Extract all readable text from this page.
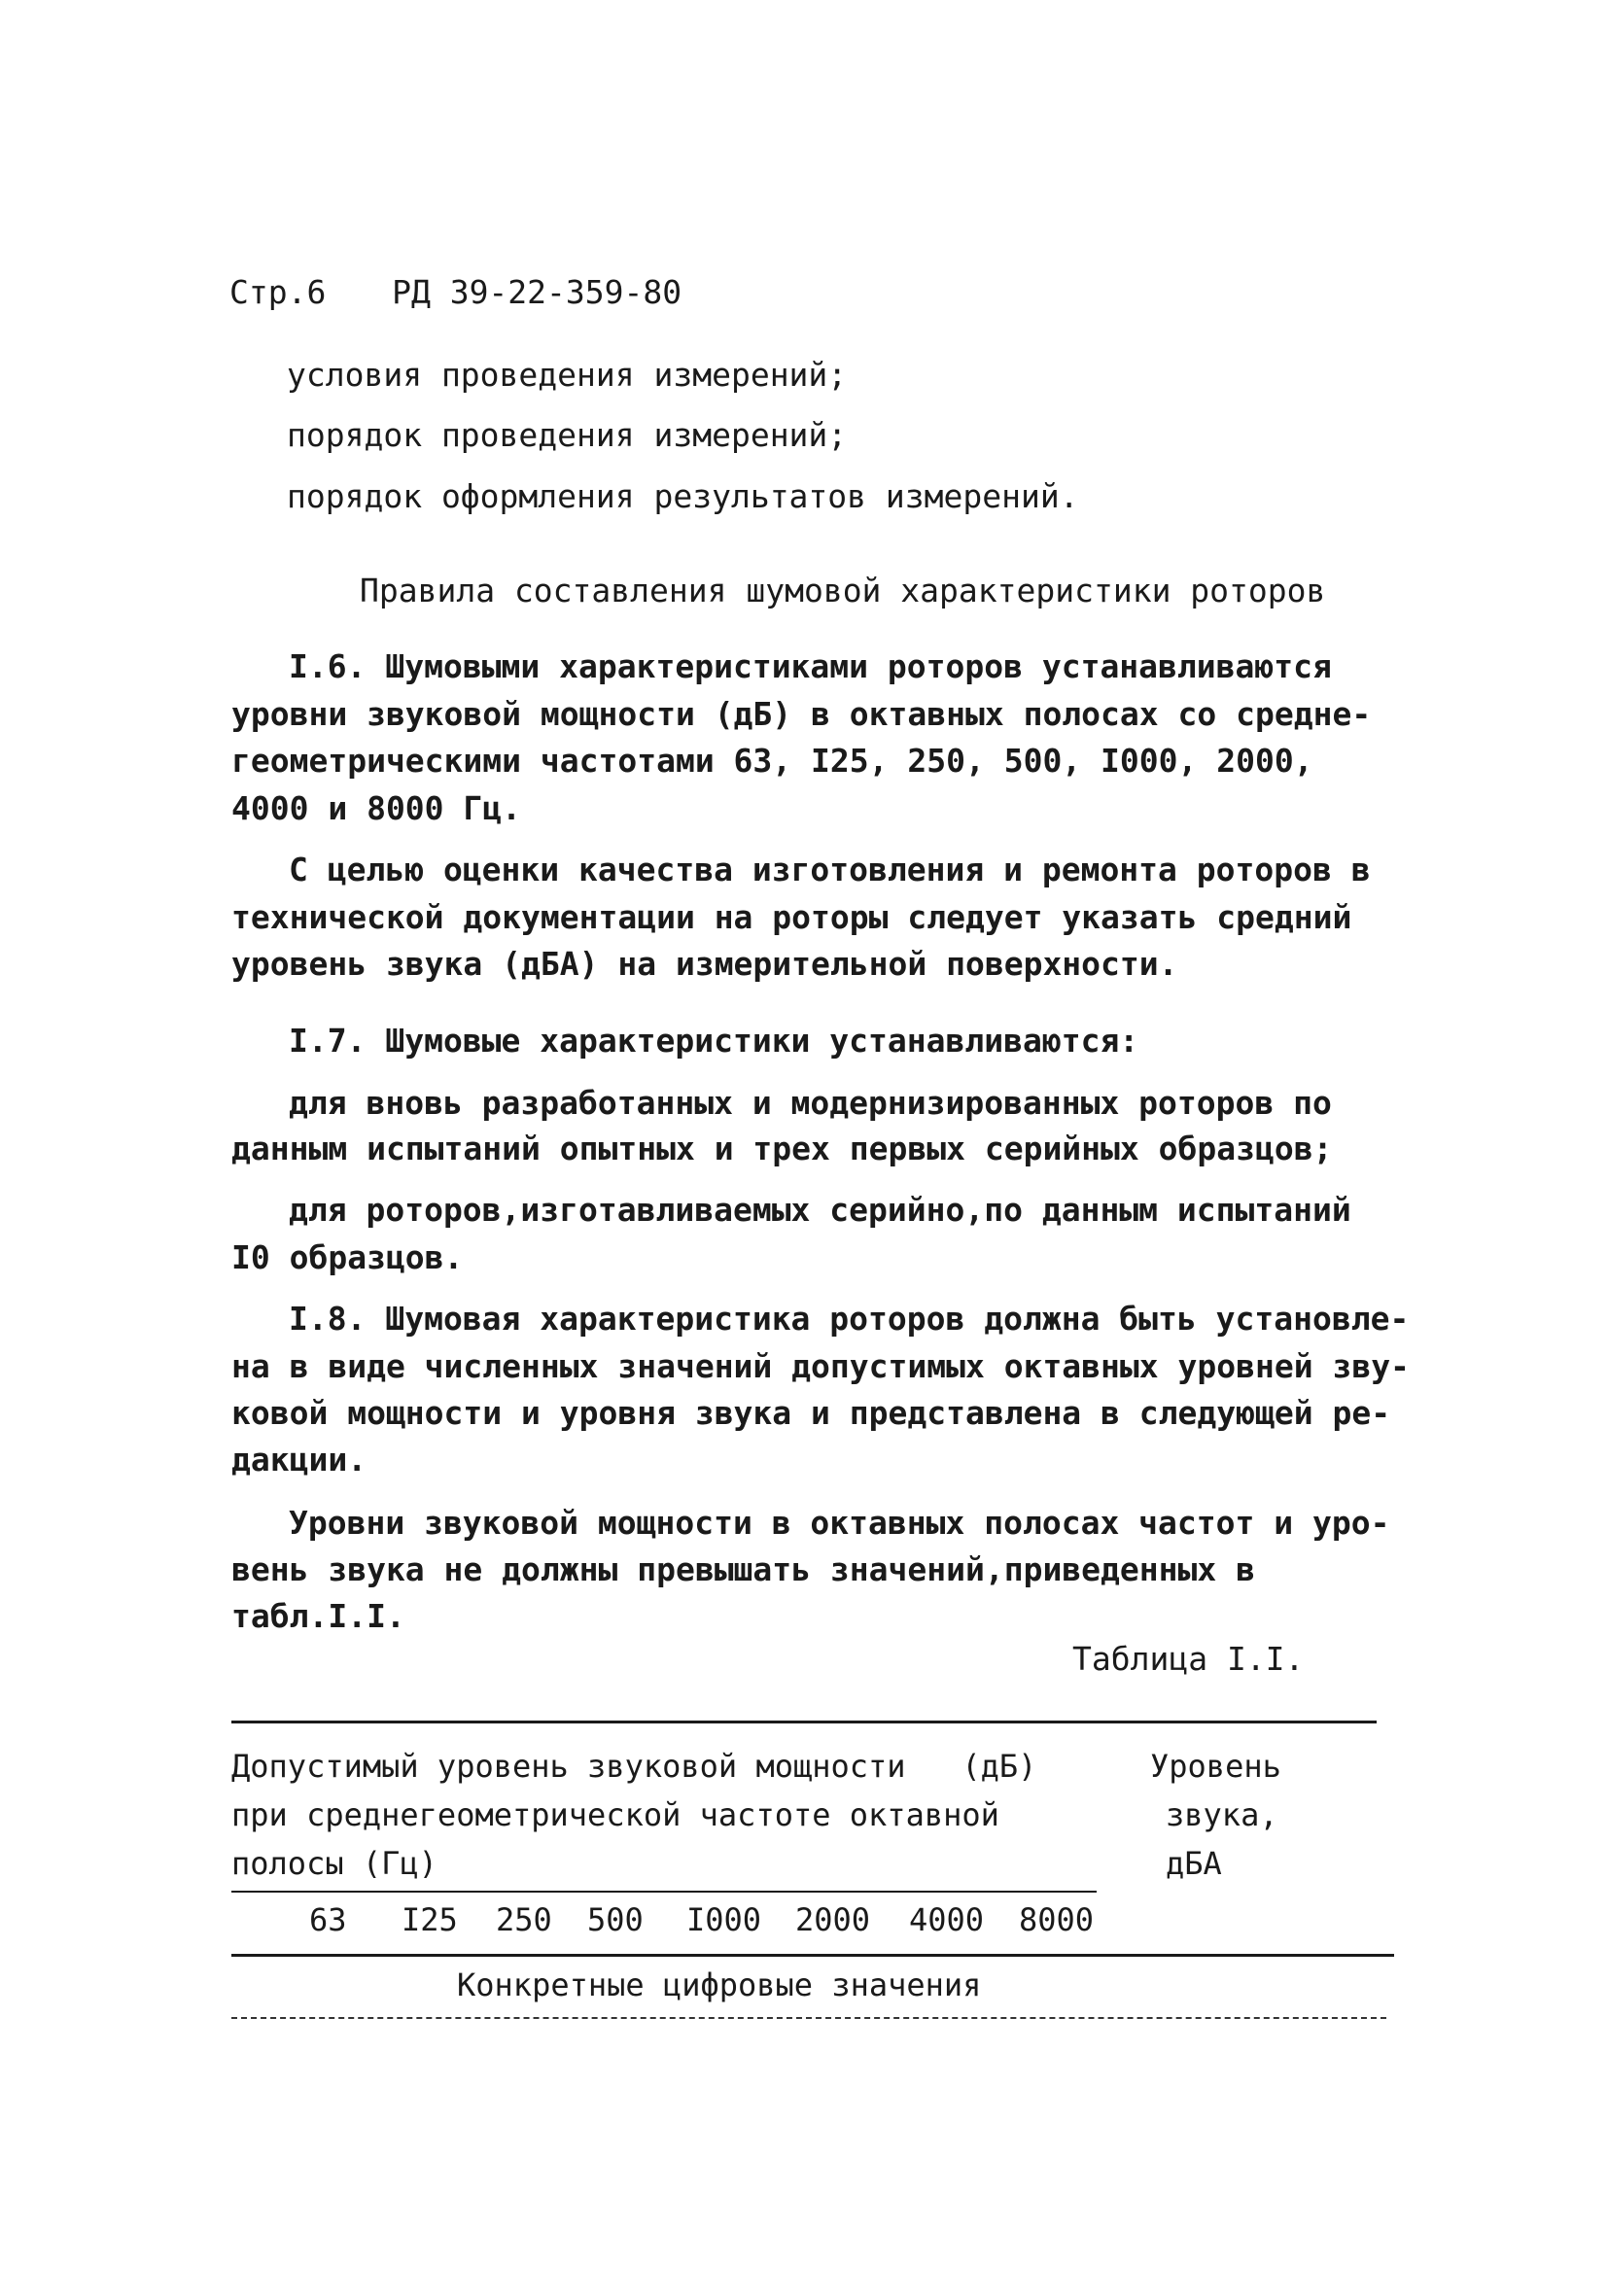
Стр.6 РД 39-22-359-80
условия проведения измерений;
порядок проведения измерений;
порядок оформления результатов измерений.
Правила составления шумовой характеристики роторов
I.6. Шумовыми характеристиками роторов устанавливаются
уровни звуковой мощности (дБ) в октавных полосах со средне-
геометрическими частотами 63, I25, 250, 500, I000, 2000,
4000 и 8000 Гц.
С целью оценки качества изготовления и ремонта роторов в
технической документации на роторы следует указать средний
уровень звука (дБА) на измерительной поверхности.
I.7. Шумовые характеристики устанавливаются:
для вновь разработанных и модернизированных роторов по
данным испытаний опытных и трех первых серийных образцов;
для роторов,изготавливаемых серийно,по данным испытаний
I0 образцов.
I.8. Шумовая характеристика роторов должна быть установле-
на в виде численных значений допустимых октавных уровней зву-
ковой мощности и уровня звука и представлена в следующей ре-
дакции.
Уровни звуковой мощности в октавных полосах частот и уро-
вень звука не должны превышать значений,приведенных в
табл.I.I.
Таблица I.I.
Допустимый уровень звуковой мощности   (дБ)
при среднегеометрической частоте октавной
полосы (Гц)
Уровень
звука,
дБА
63 I25 250 500 I000 2000 4000 8000
Конкретные цифровые значения
